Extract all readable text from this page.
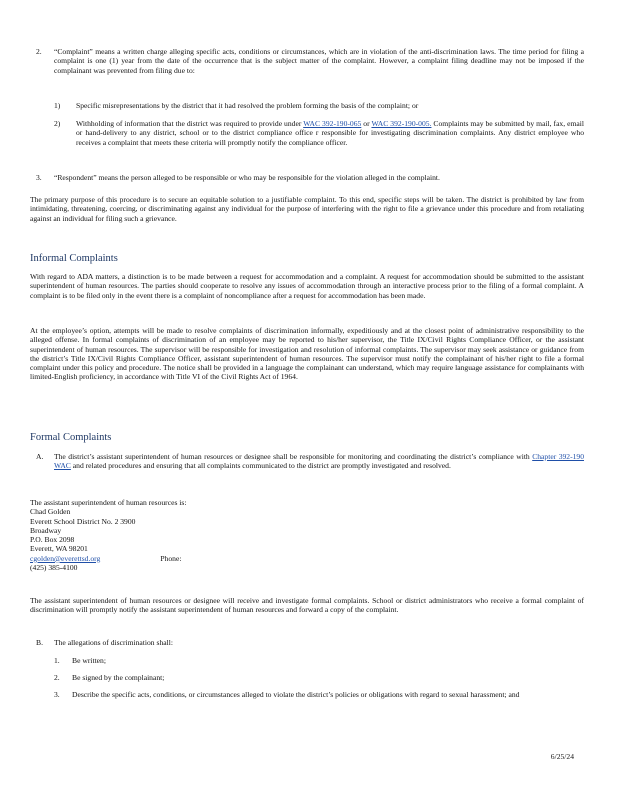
2. “Complaint” means a written charge alleging specific acts, conditions or circumstances, which are in violation of the anti-discrimination laws. The time period for filing a complaint is one (1) year from the date of the occurrence that is the subject matter of the complaint. However, a complaint filing deadline may not be imposed if the complainant was prevented from filing due to:

1) Specific misrepresentations by the district that it had resolved the problem forming the basis of the complaint; or

2) Withholding of information that the district was required to provide under WAC 392-190-065 or WAC 392-190-005. Complaints may be submitted by mail, fax, email or hand-delivery to any district, school or to the district compliance office r responsible for investigating discrimination complaints. Any district employee who receives a complaint that meets these criteria will promptly notify the compliance officer.

3. “Respondent” means the person alleged to be responsible or who may be responsible for the violation alleged in the complaint.

The primary purpose of this procedure is to secure an equitable solution to a justifiable complaint. To this end, specific steps will be taken. The district is prohibited by law from intimidating, threatening, coercing, or discriminating against any individual for the purpose of interfering with the right to file a grievance under this procedure and from retaliating against an individual for filing such a grievance.

Informal Complaints

With regard to ADA matters, a distinction is to be made between a request for accommodation and a complaint. A request for accommodation should be submitted to the assistant superintendent of human resources. The parties should cooperate to resolve any issues of accommodation through an interactive process prior to the filing of a formal complaint. A complaint is to be filed only in the event there is a complaint of noncompliance after a request for accommodation has been made.

At the employee’s option, attempts will be made to resolve complaints of discrimination informally, expeditiously and at the closest point of administrative responsibility to the alleged offense. In formal complaints of discrimination of an employee may be reported to his/her supervisor, the Title IX/Civil Rights Compliance Officer, or the assistant superintendent of human resources. The supervisor will be responsible for investigation and resolution of informal complaints. The supervisor may seek assistance or guidance from the district’s Title IX/Civil Rights Compliance Officer, assistant superintendent of human resources. The supervisor must notify the complainant of his/her right to file a formal complaint under this policy and procedure. The notice shall be provided in a language the complainant can understand, which may require language assistance for complainants with limited-English proficiency, in accordance with Title VI of the Civil Rights Act of 1964.

Formal Complaints
A. The district’s assistant superintendent of human resources or designee shall be responsible for monitoring and coordinating the district’s compliance with Chapter 392-190 WAC and related procedures and ensuring that all complaints communicated to the district are promptly investigated and resolved.

The assistant superintendent of human resources is:
Chad Golden
Everett School District No. 2 3900
Broadway
P.O. Box 2098
Everett, WA 98201
cgolden@everettsd.org	Phone:
(425) 385-4100

The assistant superintendent of human resources or designee will receive and investigate formal complaints. School or district administrators who receive a formal complaint of discrimination will promptly notify the assistant superintendent of human resources and forward a copy of the complaint.

B. The allegations of discrimination shall:

1. Be written;

2. Be signed by the complainant;

3. Describe the specific acts, conditions, or circumstances alleged to violate the district’s policies or obligations with regard to sexual harassment; and

6/25/24
